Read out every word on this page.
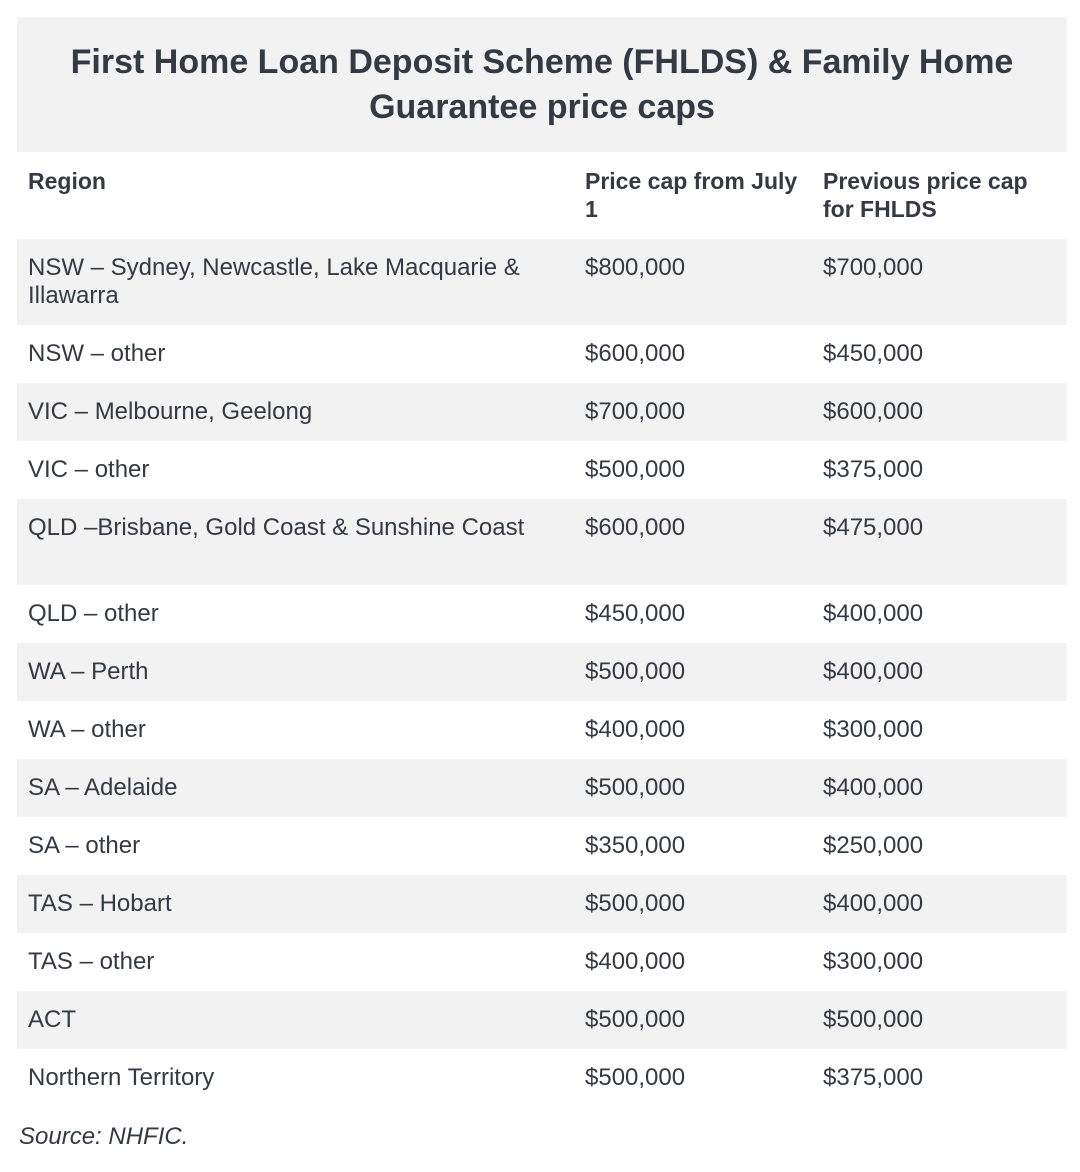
First Home Loan Deposit Scheme (FHLDS) & Family Home Guarantee price caps
Region	Price cap from July 1	Previous price cap for FHLDS
NSW – Sydney, Newcastle, Lake Macquarie & Illawarra	$800,000	$700,000
NSW – other	$600,000	$450,000
VIC – Melbourne, Geelong	$700,000	$600,000
VIC – other	$500,000	$375,000
QLD –Brisbane, Gold Coast & Sunshine Coast	$600,000	$475,000
QLD – other	$450,000	$400,000
WA – Perth	$500,000	$400,000
WA – other	$400,000	$300,000
SA – Adelaide	$500,000	$400,000
SA – other	$350,000	$250,000
TAS – Hobart	$500,000	$400,000
TAS – other	$400,000	$300,000
ACT	$500,000	$500,000
Northern Territory	$500,000	$375,000
Source: NHFIC.
